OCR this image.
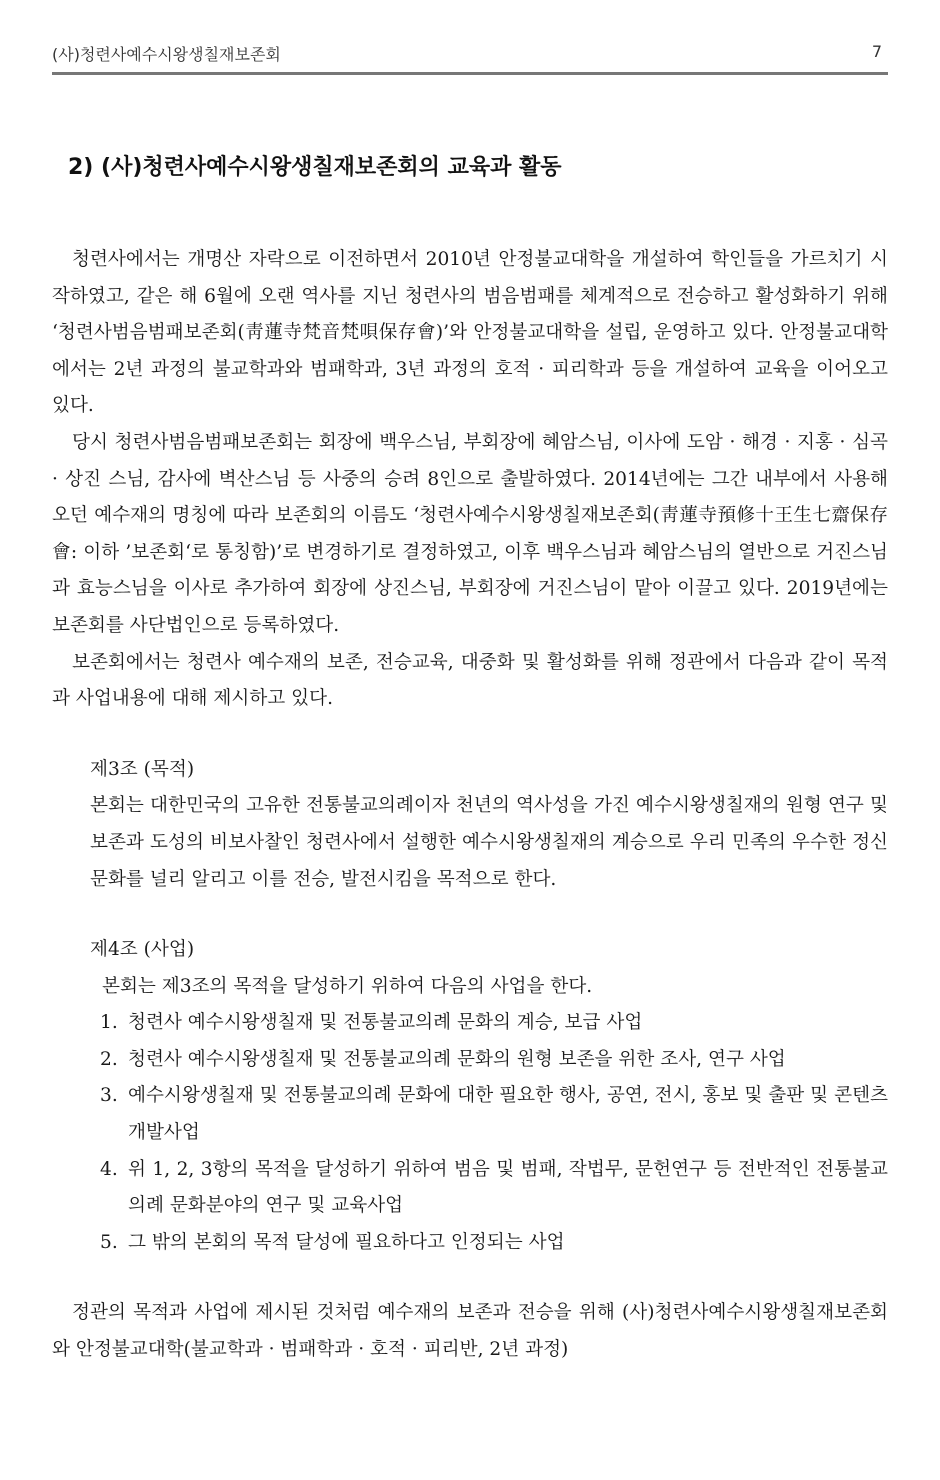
(사)청련사예수시왕생칠재보존회	7
2) (사)청련사예수시왕생칠재보존회의 교육과 활동

청련사에서는 개명산 자락으로 이전하면서 2010년 안정불교대학을 개설하여 학인들을 가르치기 시작하였고, 같은 해 6월에 오랜 역사를 지닌 청련사의 범음범패를 체계적으로 전승하고 활성화하기 위해 ‘청련사범음범패보존회(靑蓮寺梵音梵唄保存會)’와 안정불교대학을 설립, 운영하고 있다. 안정불교대학에서는 2년 과정의 불교학과와 범패학과, 3년 과정의 호적 · 피리학과 등을 개설하여 교육을 이어오고 있다.

당시 청련사범음범패보존회는 회장에 백우스님, 부회장에 혜암스님, 이사에 도암 · 해경 · 지홍 · 심곡 · 상진 스님, 감사에 벽산스님 등 사중의 승려 8인으로 출발하였다. 2014년에는 그간 내부에서 사용해오던 예수재의 명칭에 따라 보존회의 이름도 ‘청련사예수시왕생칠재보존회(靑蓮寺預修十王生七齋保存會: 이하 ’보존회‘로 통칭함)’로 변경하기로 결정하였고, 이후 백우스님과 혜암스님의 열반으로 거진스님과 효능스님을 이사로 추가하여 회장에 상진스님, 부회장에 거진스님이 맡아 이끌고 있다. 2019년에는 보존회를 사단법인으로 등록하였다.

보존회에서는 청련사 예수재의 보존, 전승교육, 대중화 및 활성화를 위해 정관에서 다음과 같이 목적과 사업내용에 대해 제시하고 있다.

제3조 (목적)
본회는 대한민국의 고유한 전통불교의례이자 천년의 역사성을 가진 예수시왕생칠재의 원형 연구 및 보존과 도성의 비보사찰인 청련사에서 설행한 예수시왕생칠재의 계승으로 우리 민족의 우수한 정신문화를 널리 알리고 이를 전승, 발전시킴을 목적으로 한다.
제4조 (사업)
본회는 제3조의 목적을 달성하기 위하여 다음의 사업을 한다.
1. 청련사 예수시왕생칠재 및 전통불교의례 문화의 계승, 보급 사업
2. 청련사 예수시왕생칠재 및 전통불교의례 문화의 원형 보존을 위한 조사, 연구 사업
3. 예수시왕생칠재 및 전통불교의례 문화에 대한 필요한 행사, 공연, 전시, 홍보 및 출판 및 콘텐츠 개발사업
4. 위 1, 2, 3항의 목적을 달성하기 위하여 범음 및 범패, 작법무, 문헌연구 등 전반적인 전통불교의례 문화분야의 연구 및 교육사업
5. 그 밖의 본회의 목적 달성에 필요하다고 인정되는 사업

정관의 목적과 사업에 제시된 것처럼 예수재의 보존과 전승을 위해 (사)청련사예수시왕생칠재보존회와 안정불교대학(불교학과 · 범패학과 · 호적 · 피리반, 2년 과정)
